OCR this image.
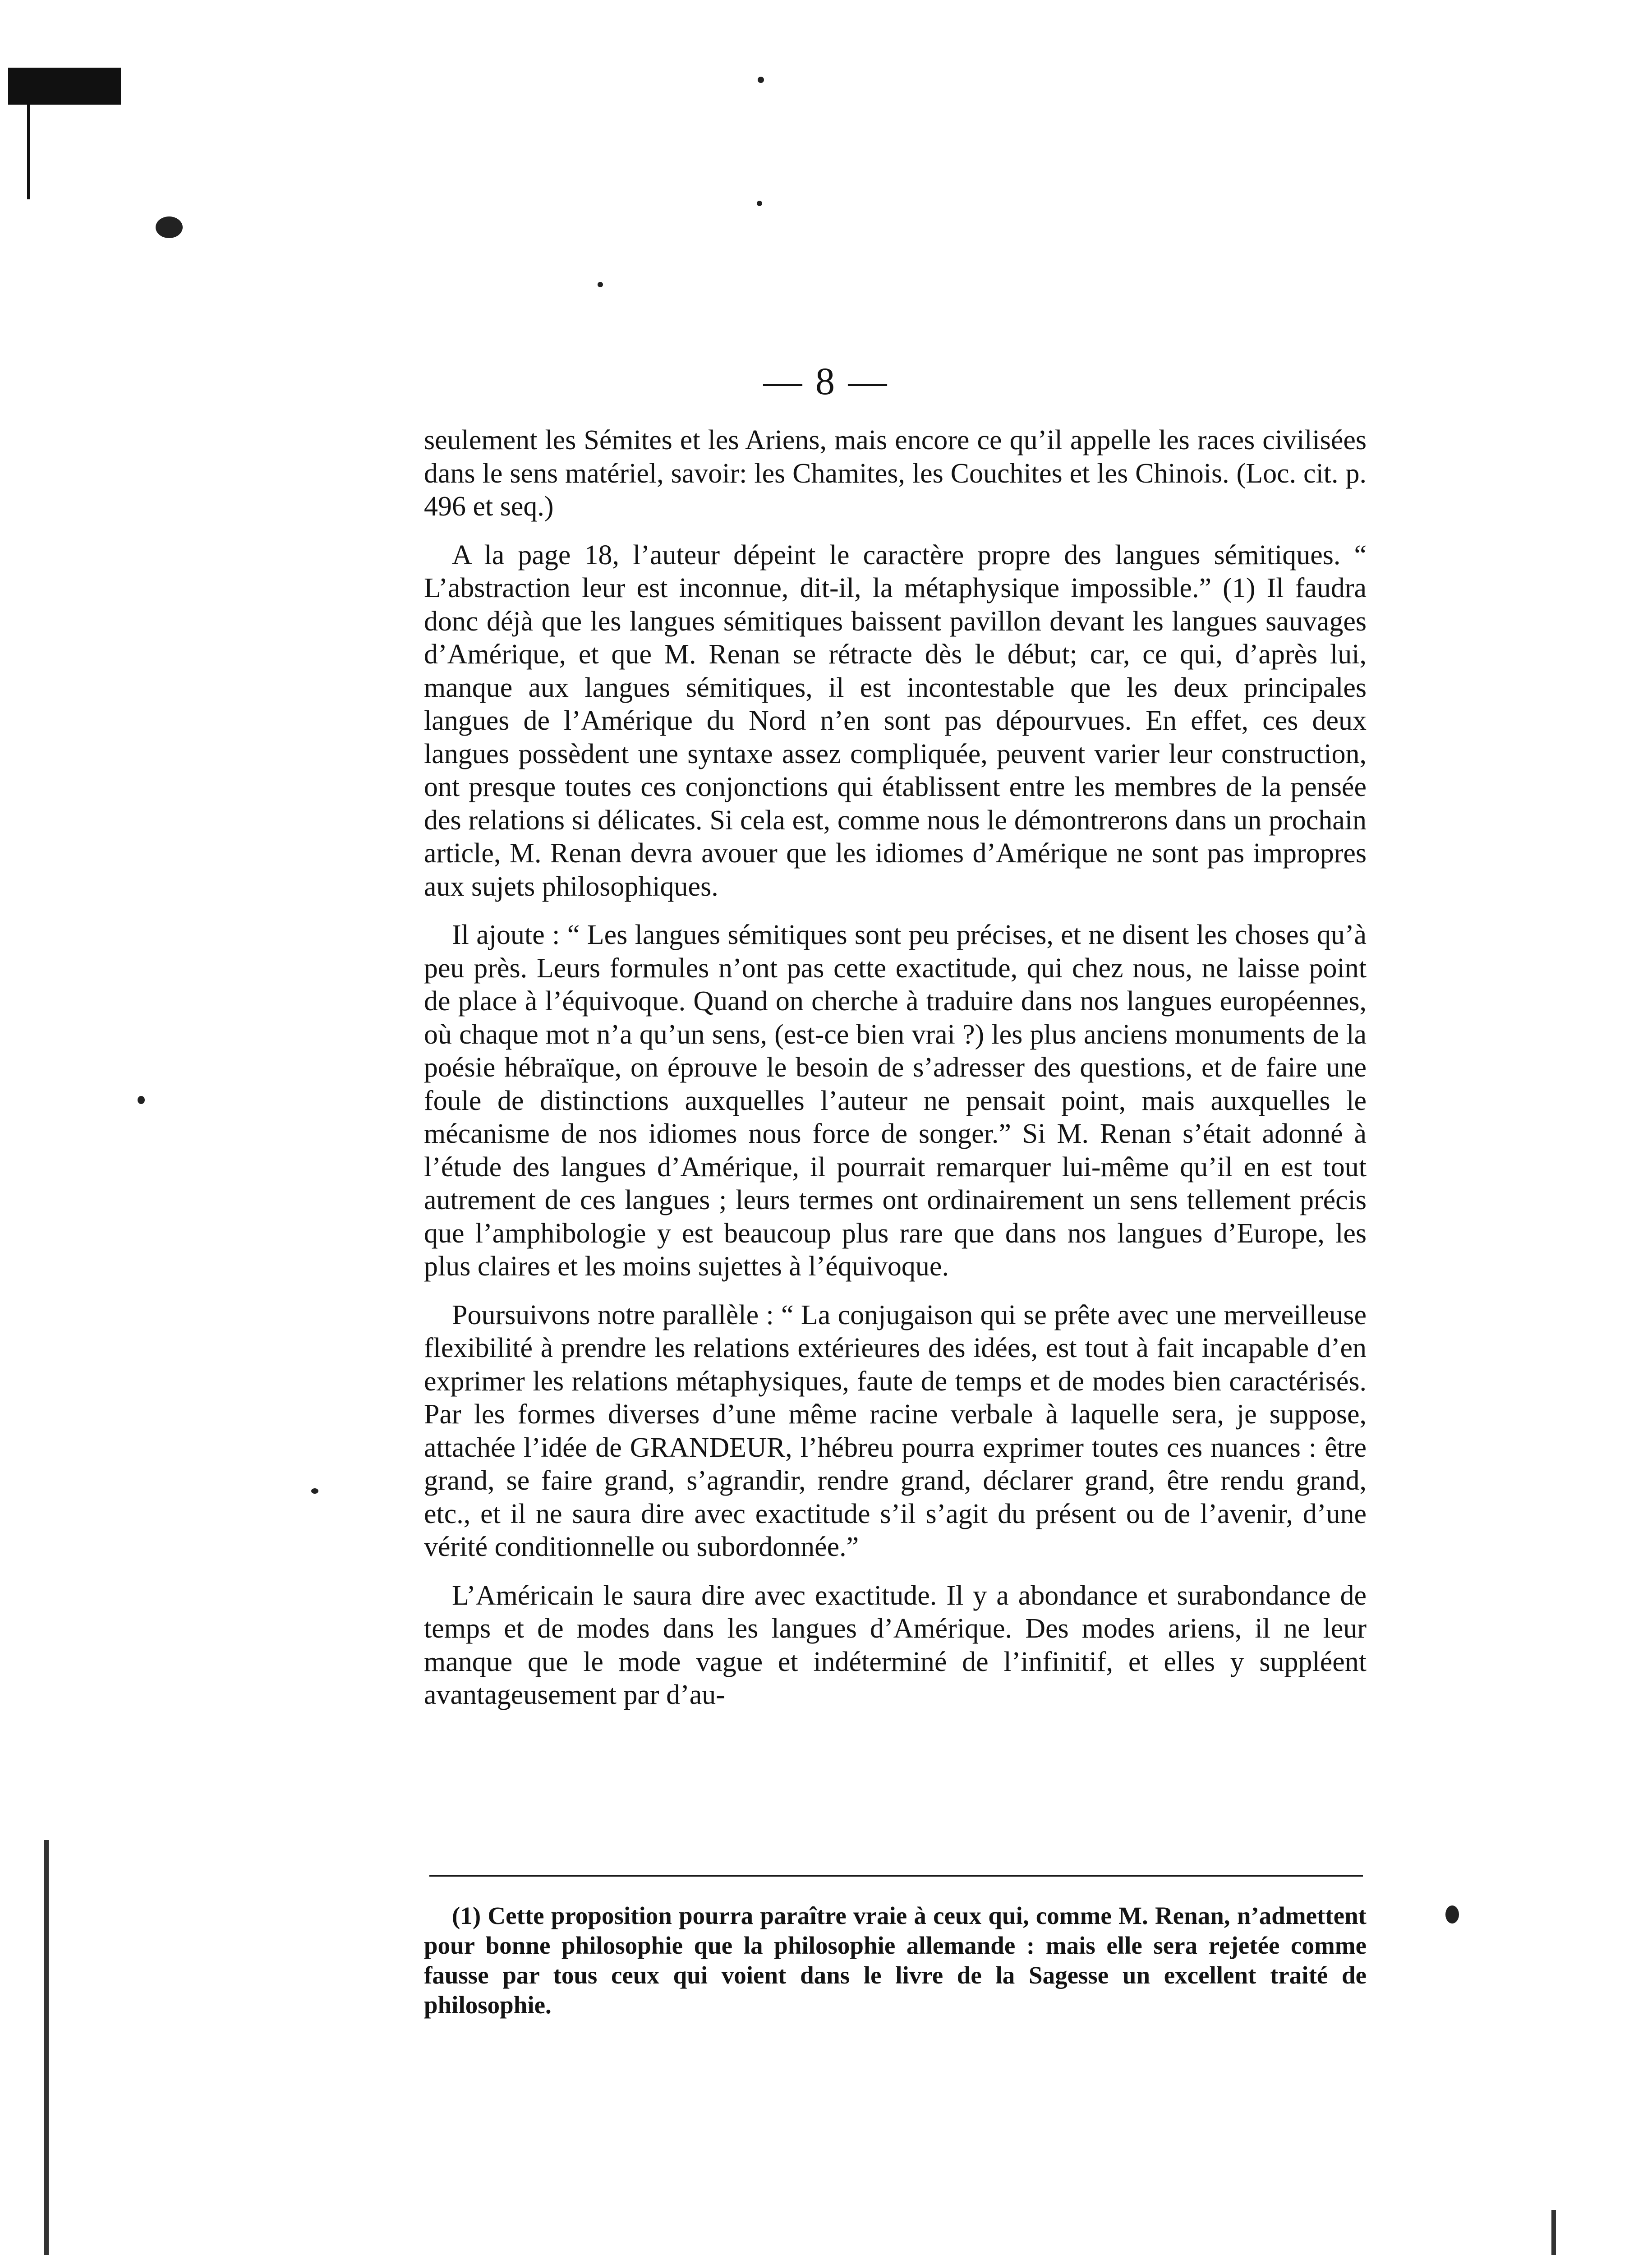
— 8 —

seulement les Sémites et les Ariens, mais encore ce qu’il appelle les races civilisées dans le sens matériel, savoir: les Chamites, les Couchites et les Chinois. (Loc. cit. p. 496 et seq.)

A la page 18, l’auteur dépeint le caractère propre des langues sémitiques. “ L’abstraction leur est inconnue, dit-il, la métaphysique impossible.” (1) Il faudra donc déjà que les langues sémitiques baissent pavillon devant les langues sauvages d’Amérique, et que M. Renan se rétracte dès le début; car, ce qui, d’après lui, manque aux langues sémitiques, il est incontestable que les deux principales langues de l’Amérique du Nord n’en sont pas dépourvues. En effet, ces deux langues possèdent une syntaxe assez compliquée, peuvent varier leur construction, ont presque toutes ces conjonctions qui établissent entre les membres de la pensée des relations si délicates. Si cela est, comme nous le démontrerons dans un prochain article, M. Renan devra avouer que les idiomes d’Amérique ne sont pas impropres aux sujets philosophiques.

Il ajoute : “ Les langues sémitiques sont peu précises, et ne disent les choses qu’à peu près. Leurs formules n’ont pas cette exactitude, qui chez nous, ne laisse point de place à l’équivoque. Quand on cherche à traduire dans nos langues européennes, où chaque mot n’a qu’un sens, (est-ce bien vrai ?) les plus anciens monuments de la poésie hébraïque, on éprouve le besoin de s’adresser des questions, et de faire une foule de distinctions auxquelles l’auteur ne pensait point, mais auxquelles le mécanisme de nos idiomes nous force de songer.” Si M. Renan s’était adonné à l’étude des langues d’Amérique, il pourrait remarquer lui-même qu’il en est tout autrement de ces langues ; leurs termes ont ordinairement un sens tellement précis que l’amphibologie y est beaucoup plus rare que dans nos langues d’Europe, les plus claires et les moins sujettes à l’équivoque.

Poursuivons notre parallèle : “ La conjugaison qui se prête avec une merveilleuse flexibilité à prendre les relations extérieures des idées, est tout à fait incapable d’en exprimer les relations métaphysiques, faute de temps et de modes bien caractérisés. Par les formes diverses d’une même racine verbale à laquelle sera, je suppose, attachée l’idée de GRANDEUR, l’hébreu pourra exprimer toutes ces nuances : être grand, se faire grand, s’agrandir, rendre grand, déclarer grand, être rendu grand, etc., et il ne saura dire avec exactitude s’il s’agit du présent ou de l’avenir, d’une vérité conditionnelle ou subordonnée.”

L’Américain le saura dire avec exactitude. Il y a abondance et surabondance de temps et de modes dans les langues d’Amérique. Des modes ariens, il ne leur manque que le mode vague et indéterminé de l’infinitif, et elles y suppléent avantageusement par d’au-

(1) Cette proposition pourra paraître vraie à ceux qui, comme M. Renan, n’admettent pour bonne philosophie que la philosophie allemande : mais elle sera rejetée comme fausse par tous ceux qui voient dans le livre de la Sagesse un excellent traité de philosophie.
